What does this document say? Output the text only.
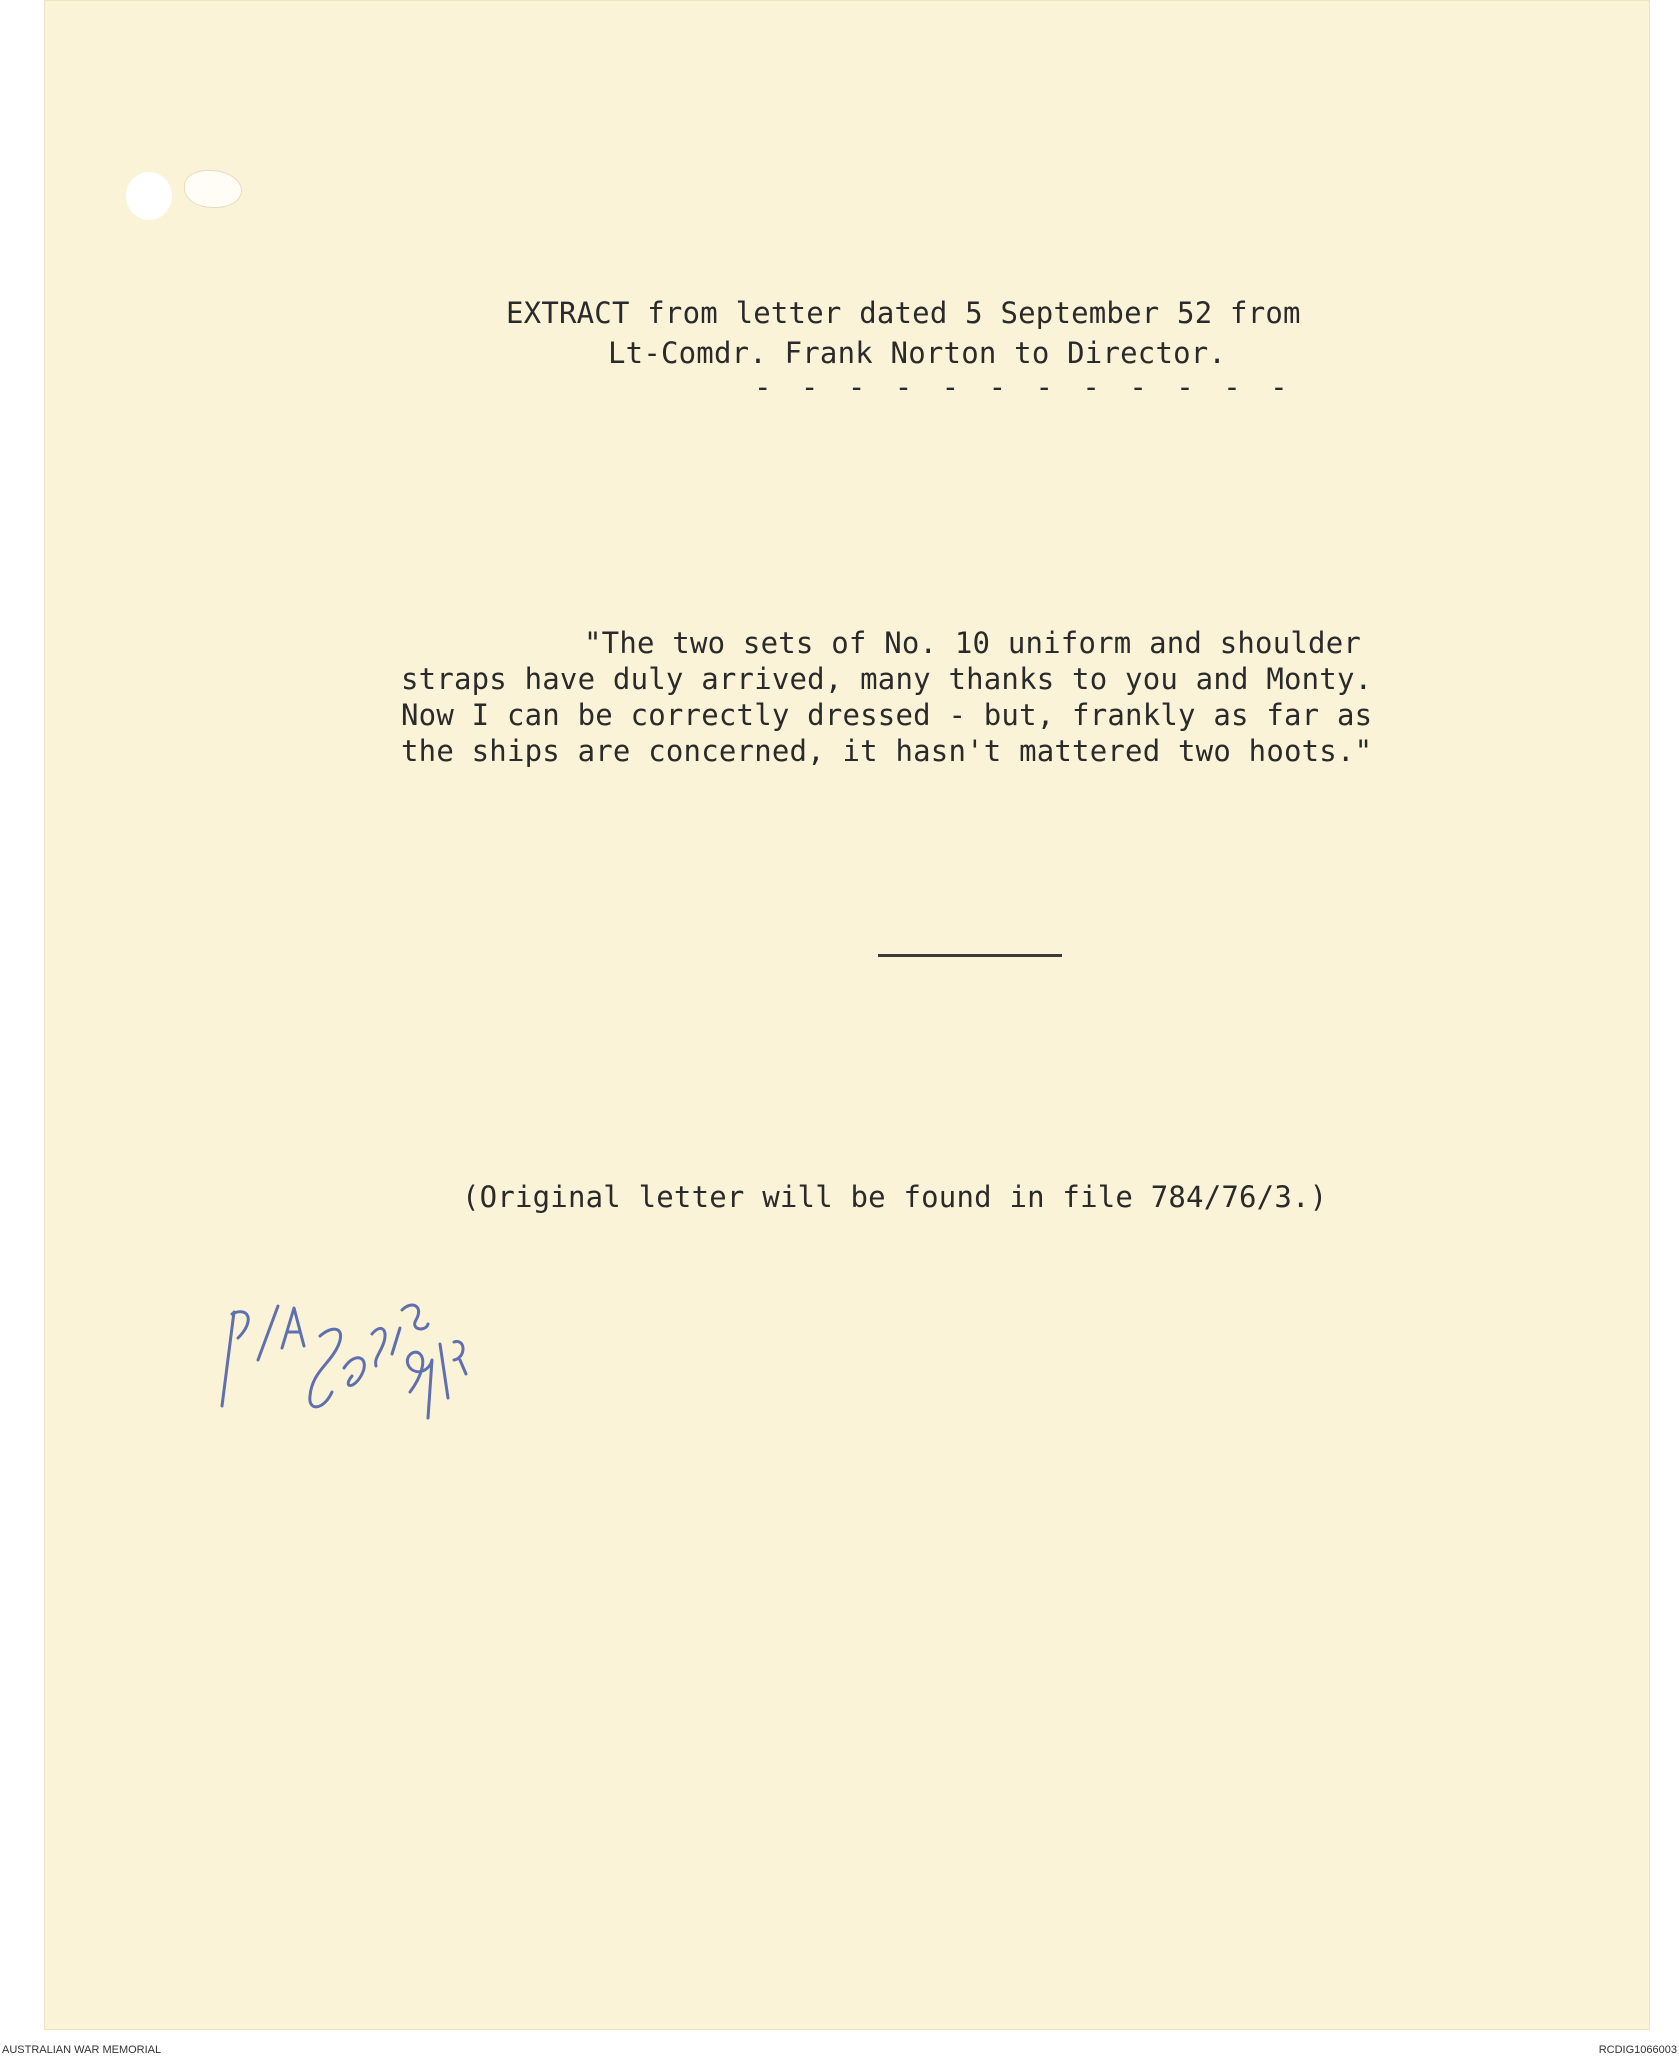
EXTRACT from letter dated 5 September 52 from
Lt-Comdr. Frank Norton to Director.
- - - - - - - - - - - -
"The two sets of No. 10 uniform and shoulder
straps have duly arrived, many thanks to you and Monty.
Now I can be correctly dressed - but, frankly as far as
the ships are concerned, it hasn't mattered two hoots."
(Original letter will be found in file 784/76/3.)
AUSTRALIAN WAR MEMORIAL	RCDIG1066003
